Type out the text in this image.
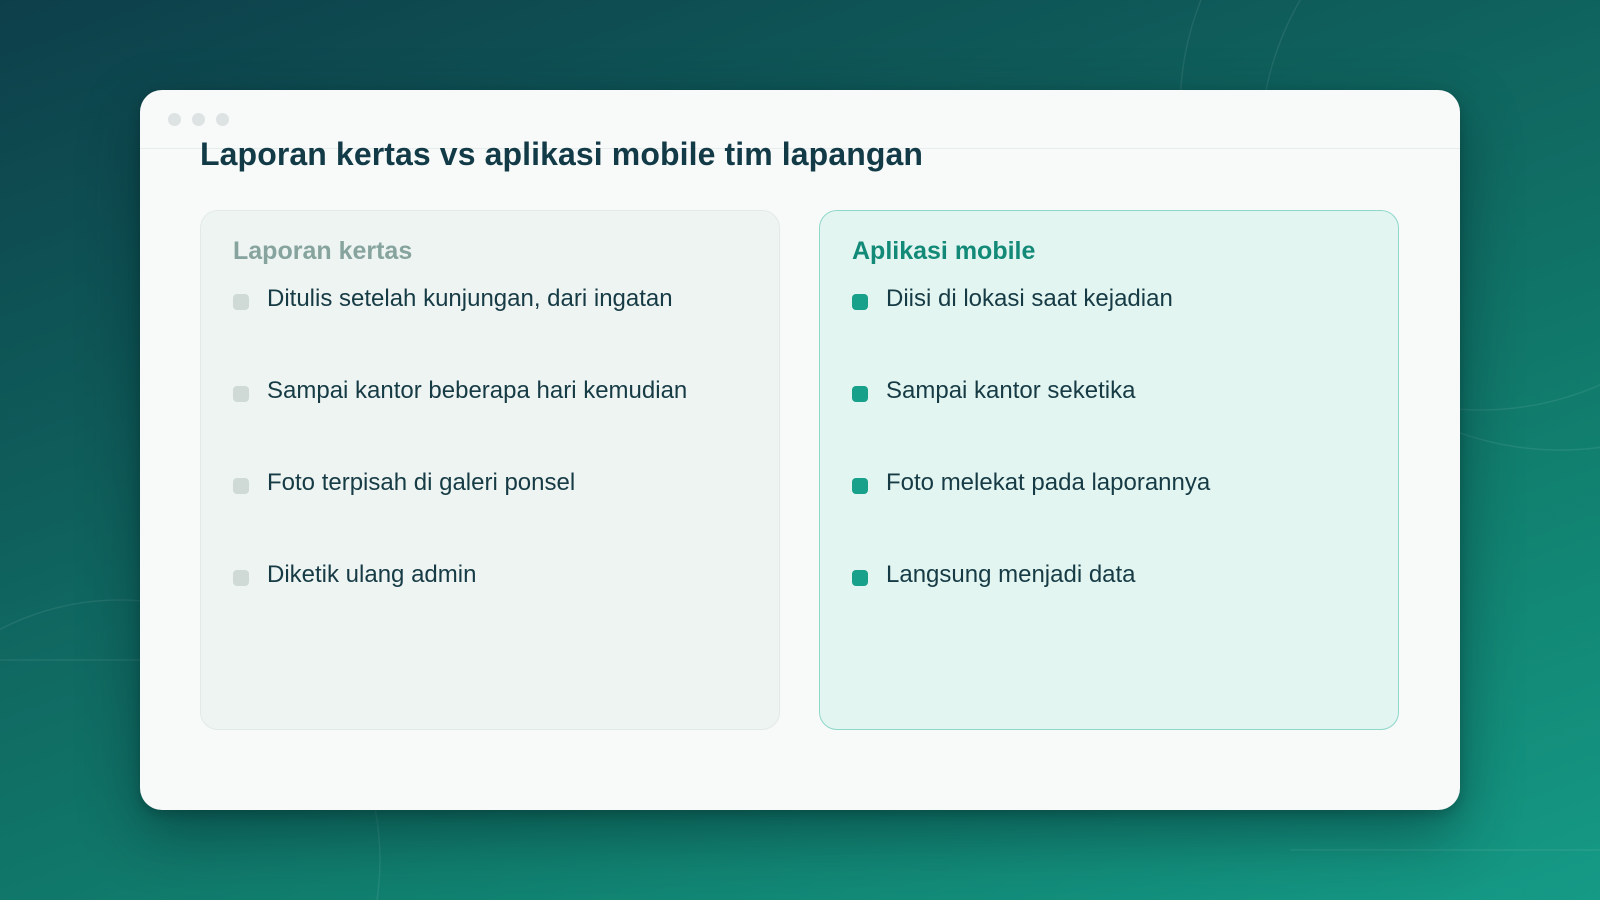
Laporan kertas vs aplikasi mobile tim lapangan
Laporan kertas
Ditulis setelah kunjungan, dari ingatan
Sampai kantor beberapa hari kemudian
Foto terpisah di galeri ponsel
Diketik ulang admin
Aplikasi mobile
Diisi di lokasi saat kejadian
Sampai kantor seketika
Foto melekat pada laporannya
Langsung menjadi data
